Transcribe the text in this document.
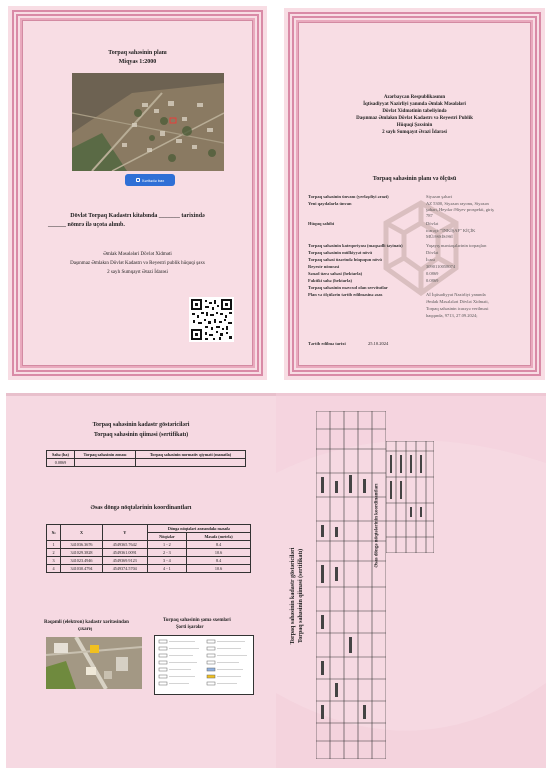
Torpaq sahəsinin planı
Miqyas 1:2000
Xəritədə bax
Dövlət Torpaq Kadastrı kitabında _______ tarixində
______ nömrə ilə uçota alınıb.
Əmlak Məsələləri Dövlət Xidməti
Daşınmaz Əmlakın Dövlət Kadastrı və Reyestri publik hüquqi şəxs
2 saylı Sumqayıt Ərazi İdarəsi
Azərbaycan Respublikasının
İqtisadiyyat Nazirliyi yanında Əmlak Məsələləri
Dövlət Xidmətinin tabeliyində
Daşınmaz Əmlakın Dövlət Kadastrı və Reyestri Publik
Hüquqi Şəxsinin
2 saylı Sumqayıt Ərazi İdarəsi
Torpaq sahəsinin planı və ölçüsü
Torpaq sahəsinin ünvanı (yerləşdiyi ərazi)	Siyəzən şəhəri
Yeni qaydalarla ünvan	AZ 5300, Siyəzən rayonu, Siyəzən
şəhəri, Heydər Əliyev prospekti, giriş
787
Hüquq sahibi	Dövlət
icarəçi: "İNKİŞAF" KİÇİK
MÜƏSSİSƏSİ
Torpaq sahəsinin kateqoriyası (məqsədli təyinatı)	Yaşayış məntəqələrinin torpaqları
Torpaq sahəsinin mülkiyyət növü	Dövlət
Torpaq sahəsi üzərində hüququn növü	İcarə
Reyestr nömrəsi	3090110058074
Sənəd üzrə sahəsi (hektarla)	0.0869
Faktiki sahə (hektarla)	0.0869
Torpaq sahəsinin məvcud olan servitutlar
Plan və ölçülərin tərtib edilməsinə əsas	Aİ İqtisadiyyat Nazirliyi yanında
Əmlak Məsələləri Dövlət Xidməti,
Torpaq sahəsinin icarəyə verilməsi
haqqında, 9713, 27.09.2024;
Tərtib edilmə tarixi	25.10.2024
Torpaq sahəsinin kadastr göstəriciləri
Torpaq sahəsinin qiiməsi (sertifikatı)
Sahə (ha)	Torpaq sahəsinin zonası	Torpaq sahəsinin normativ qiyməti (manatla)
0.0869		
Əsas döngə nöqtələrinin koordinantları
№	X	Y	Döngə nöqtələri arasındakı məsafə	
			Nöqtələr	Məsafə (metrlə)
1	341036.3676	4549365.7642	1 - 2	8.4
2	341029.3828	4549361.0091	2 - 3	10.6
3	341023.4946	4549369.9123	3 - 4	8.4
4	341030.4794	4549374.5704	4 - 1	10.6
Rəqəmli (elektron) kadastr xəritəsindən
çıxarış
Torpaq sahəsinin şəmə sxemləri
Şərti işarələr	Torpaq sahəsinin kadastr göstəriciləri Torpaq sahəsinin qiiməsi (sertifikatı)
Əsas döngə nöqtələrinin koordinantları
